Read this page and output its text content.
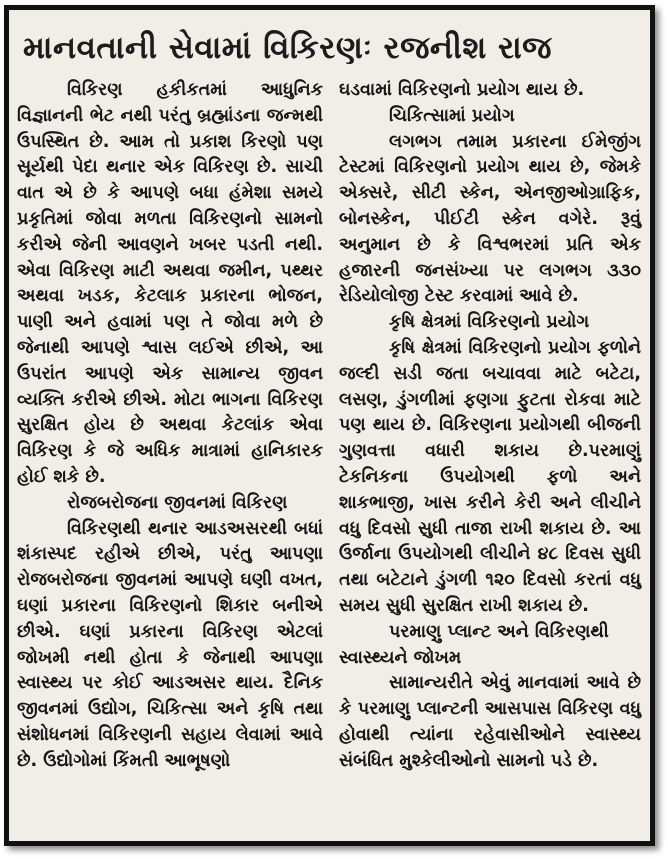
માનવતાની સેવામાં વિકિરણઃ રજનીશ રાજ

વિકિરણ હકીકતમાં આધુનિક વિજ્ઞાનની ભેટ નથી પરંતુ બ્રહ્માંડના જન્મથી ઉપસ્થિત છે. આમ તો પ્રકાશ કિરણો પણ સૂર્યથી પેદા થનાર એક વિકિરણ છે. સાચી વાત એ છે કે આપણે બધા હંમેશા સમયે પ્રકૃતિમાં જોવા મળતા વિકિરણનો સામનો કરીએ જેની આવણને ખબર પડતી નથી. એવા વિકિરણ માટી અથવા જમીન, પથ્થર અથવા ખડક, કેટલાક પ્રકારના ભોજન, પાણી અને હવામાં પણ તે જોવા મળે છે જેનાથી આપણે શ્વાસ લઈએ છીએ, આ ઉપરાંત આપણે એક સામાન્ય જીવન વ્યક્તિ કરીએ છીએ. મોટા ભાગના વિકિરણ સુરક્ષિત હોય છે અથવા કેટલાંક એવા વિકિરણ કે જે અધિક માત્રામાં હાનિકારક હોઈ શકે છે.

રોજબરોજના જીવનમાં વિકિરણ

વિકિરણથી થનાર આડઅસરથી બધાં શંકાસ્પદ રહીએ છીએ, પરંતુ આપણા રોજબરોજના જીવનમાં આપણે ઘણી વખત, ઘણાં પ્રકારના વિકિરણનો શિકાર બનીએ છીએ. ઘણાં પ્રકારના વિકિરણ એટલાં જોખમી નથી હોતા કે જેનાથી આપણા સ્વાસ્થ્ય પર કોઈ આડઅસર થાય. દૈનિક જીવનમાં ઉદ્યોગ, ચિકિત્સા અને કૃષિ તથા સંશોધનમાં વિકિરણની સહાય લેવામાં આવે છે. ઉદ્યોગોમાં કિંમતી આભૂષણો

ઘડવામાં વિકિરણનો પ્રયોગ થાય છે.

ચિકિત્સામાં પ્રયોગ

લગભગ તમામ પ્રકારના ઈમેજીંગ ટેસ્ટમાં વિકિરણનો પ્રયોગ થાય છે, જેમકે એક્સરે, સીટી સ્કેન, એનજીઓગ્રાફિક, બોનસ્કેન, પીઈટી સ્કેન વગેરે. રૂવું અનુમાન છે કે વિશ્વભરમાં પ્રતિ એક હજારની જનસંખ્યા પર લગભગ ૩૩૦ રેડિયોલોજી ટેસ્ટ કરવામાં આવે છે.

કૃષિ ક્ષેત્રમાં વિકિરણનો પ્રયોગ

કૃષિ ક્ષેત્રમાં વિકિરણનો પ્રયોગ ફળોને જલ્દી સડી જતા બચાવવા માટે બટેટા, લસણ, ડુંગળીમાં ફણગા ફુટતા રોકવા માટે પણ થાય છે. વિકિરણના પ્રયોગથી બીજની ગુણવત્તા વધારી શકાય છે.પરમાણું ટેકનિકના ઉપયોગથી ફળો અને શાકભાજી, ખાસ કરીને કેરી અને લીચીને વધુ દિવસો સુધી તાજા રાખી શકાય છે. આ ઉર્જાના ઉપયોગથી લીચીને ૪૮ દિવસ સુધી તથા બટેટાને ડુંગળી ૧૨૦ દિવસો કરતાં વધુ સમય સુધી સુરક્ષિત રાખી શકાય છે.

પરમાણુ પ્લાન્ટ અને વિકિરણથી સ્વાસ્થ્યને જોખમ

સામાન્યરીતે એવું માનવામાં આવે છે કે પરમાણુ પ્લાન્ટની આસપાસ વિકિરણ વધુ હોવાથી ત્યાંના રહેવાસીઓને સ્વાસ્થ્ય સંબંધિત મુશ્કેલીઓનો સામનો પડે છે.
